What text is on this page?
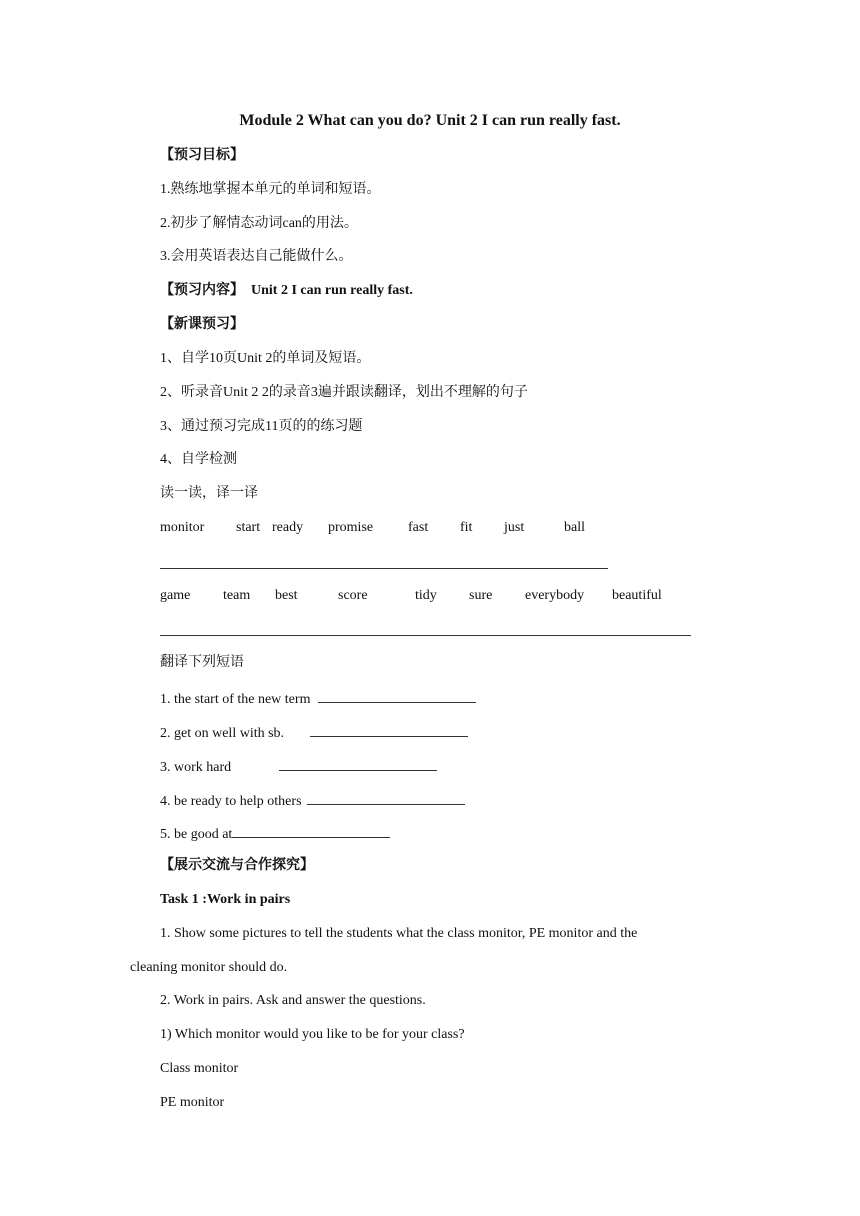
Module 2 What can you do? Unit 2 I can run really fast.
【预习目标】
1.熟练地掌握本单元的单词和短语。
2.初步了解情态动词can的用法。
3.会用英语表达自己能做什么。
【预习内容】 Unit 2 I can run really fast.
【新课预习】
1、自学10页Unit 2的单词及短语。
2、听录音Unit 2 2的录音3遍并跟读翻译，划出不理解的句子
3、通过预习完成11页的的练习题
4、自学检测
读一读，译一译
monitor start ready promise fast fit just	ball
game team best	score	tidy sure everybody beautiful
翻译下列短语
1. the start of the new term
2. get on well with sb.
3. work hard
4. be ready to help others
5. be good at
【展示交流与合作探究】
Task 1 :Work in pairs
1. Show some pictures to tell the students what the class monitor, PE monitor and the
cleaning monitor should do.
2. Work in pairs. Ask and answer the questions.
1) Which monitor would you like to be for your class?
Class monitor
PE monitor
